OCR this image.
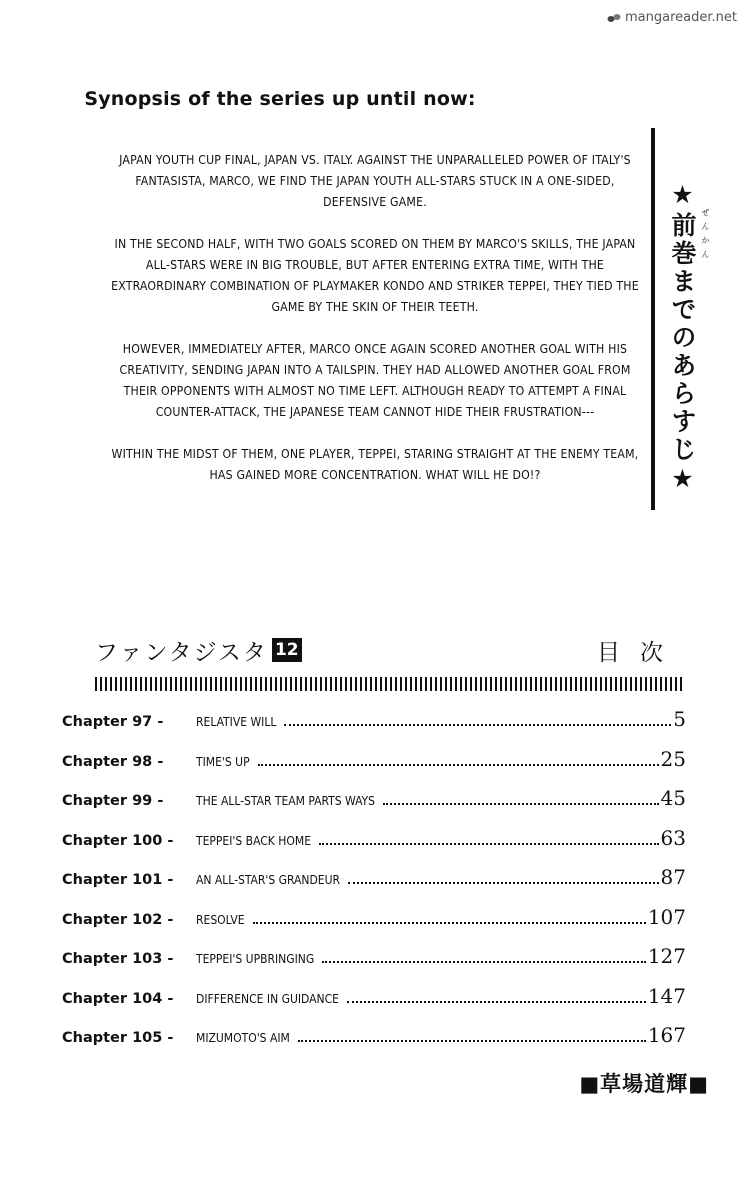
mangareader.net
Synopsis of the series up until now:

JAPAN YOUTH CUP FINAL, JAPAN VS. ITALY. AGAINST THE UNPARALLELED POWER OF ITALY'S FANTASISTA, MARCO, WE FIND THE JAPAN YOUTH ALL-STARS STUCK IN A ONE-SIDED, DEFENSIVE GAME.

IN THE SECOND HALF, WITH TWO GOALS SCORED ON THEM BY MARCO'S SKILLS, THE JAPAN ALL-STARS WERE IN BIG TROUBLE, BUT AFTER ENTERING EXTRA TIME, WITH THE EXTRAORDINARY COMBINATION OF PLAYMAKER KONDO AND STRIKER TEPPEI, THEY TIED THE GAME BY THE SKIN OF THEIR TEETH.

HOWEVER, IMMEDIATELY AFTER, MARCO ONCE AGAIN SCORED ANOTHER GOAL WITH HIS CREATIVITY, SENDING JAPAN INTO A TAILSPIN. THEY HAD ALLOWED ANOTHER GOAL FROM THEIR OPPONENTS WITH ALMOST NO TIME LEFT. ALTHOUGH READY TO ATTEMPT A FINAL COUNTER-ATTACK, THE JAPANESE TEAM CANNOT HIDE THEIR FRUSTRATION---

WITHIN THE MIDST OF THEM, ONE PLAYER, TEPPEI, STARING STRAIGHT AT THE ENEMY TEAM, HAS GAINED MORE CONCENTRATION. WHAT WILL HE DO!?	★前巻までのあらすじ★ ぜんかん
ファンタジスタ 12	目次
Chapter 97 -	RELATIVE WILL	5
Chapter 98 -	TIME'S UP	25
Chapter 99 -	THE ALL-STAR TEAM PARTS WAYS	45
Chapter 100 -	TEPPEI'S BACK HOME	63
Chapter 101 -	AN ALL-STAR'S GRANDEUR	87
Chapter 102 -	RESOLVE	107
Chapter 103 -	TEPPEI'S UPBRINGING	127
Chapter 104 -	DIFFERENCE IN GUIDANCE	147
Chapter 105 -	MIZUMOTO'S AIM	167
■草場道輝■
